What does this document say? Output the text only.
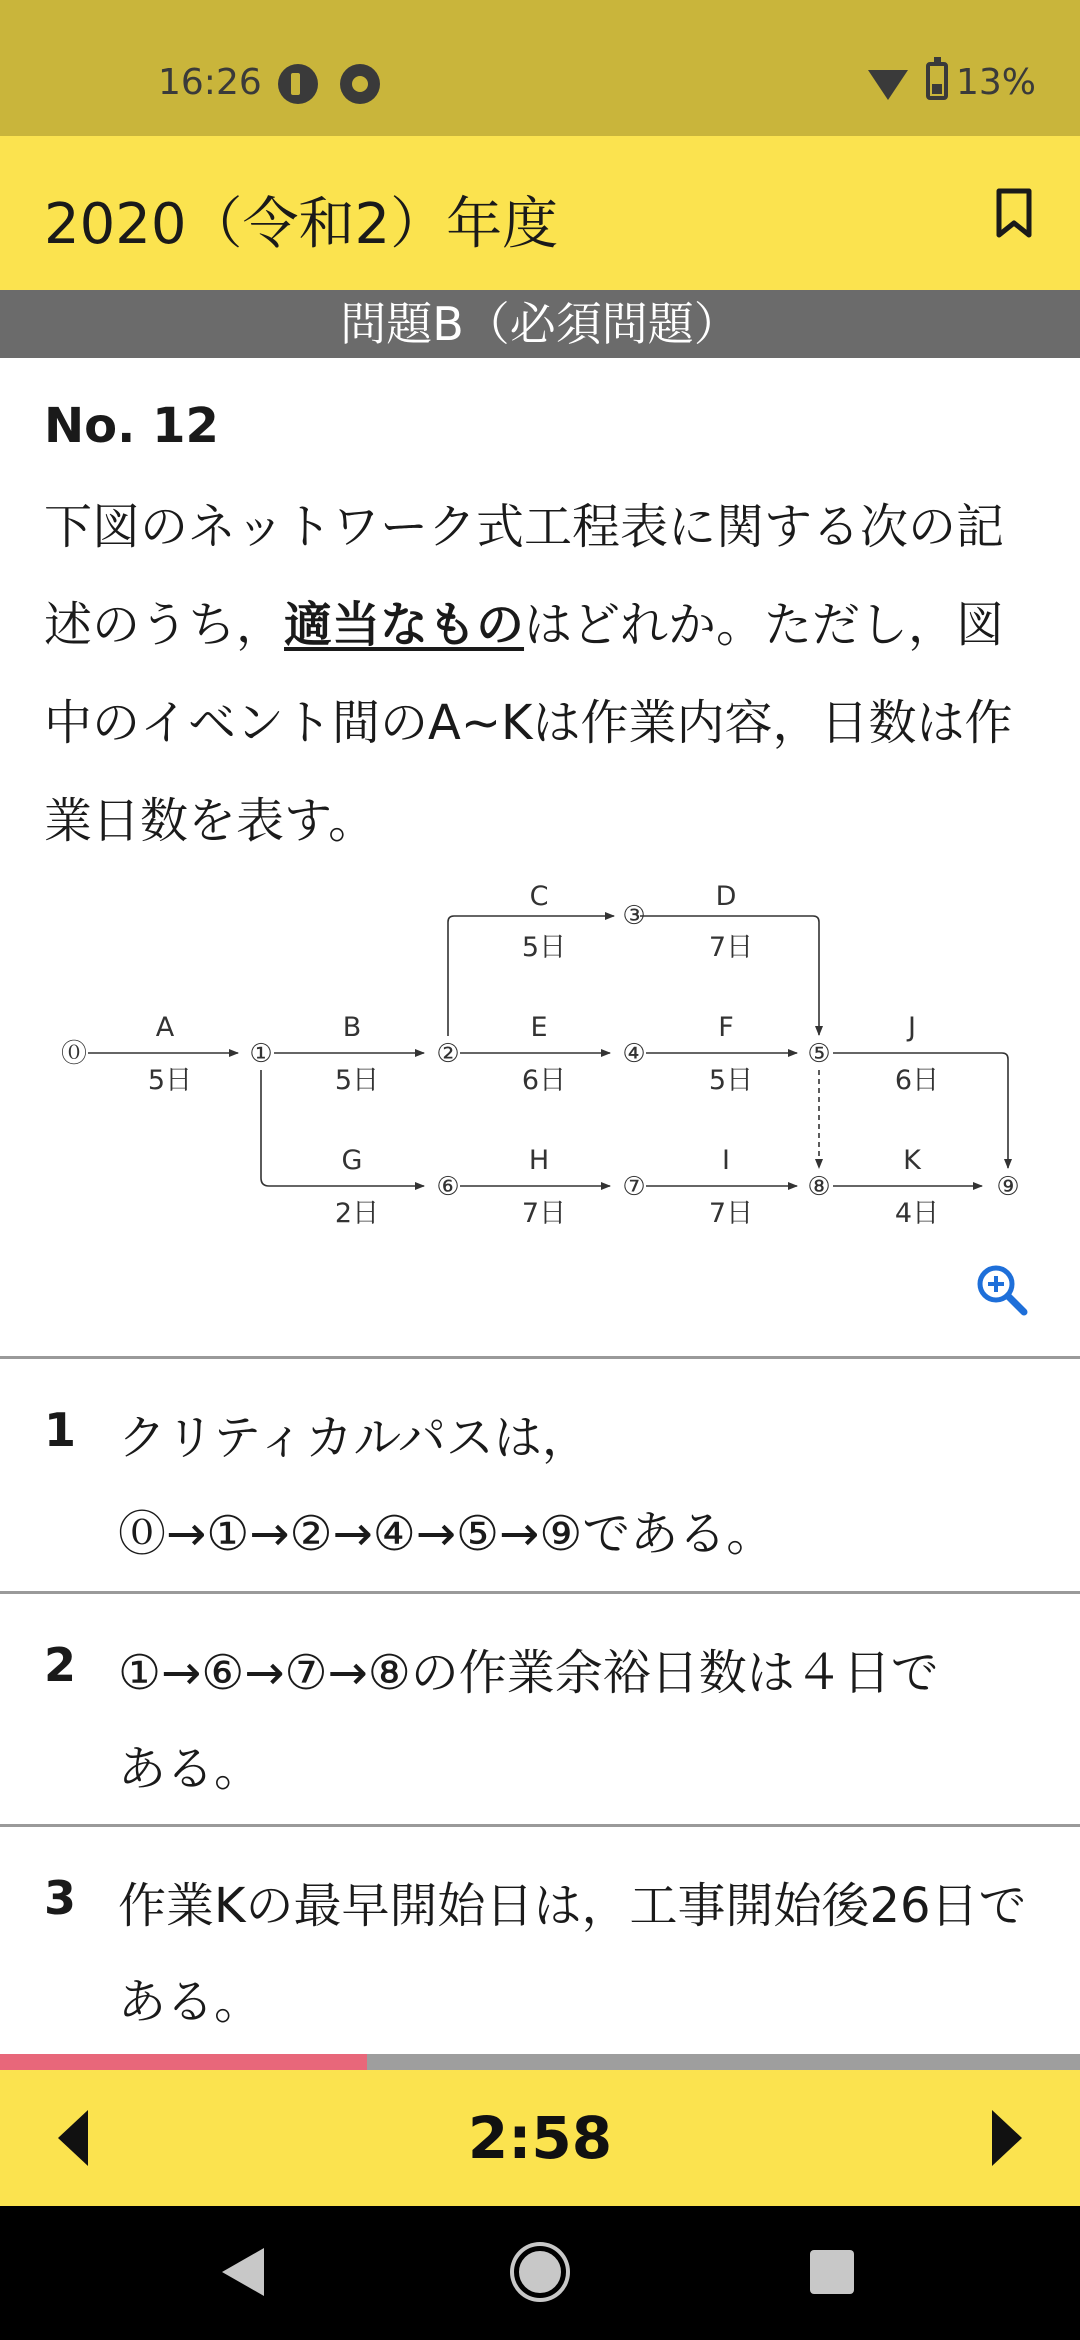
16:26	13%
2020（令和2）年度
問題B（必須問題）
No. 12
下図のネットワーク式工程表に関する次の記述のうち，適当なものはどれか。ただし，図中のイベント間のA~Kは作業内容，日数は作業日数を表す。
⓪	①	②
③
④	⑤
⑥	⑦	⑧	⑨
A
5日
B
5日
C
5日
D
7日
E
6日
F
5日
J
6日
G
2日
H
7日
I
7日
K
4日
1 クリティカルパスは，
⓪→①→②→④→⑤→⑨である。
2 ①→⑥→⑦→⑧の作業余裕日数は４日で
ある。
3 作業Kの最早開始日は，工事開始後26日で
ある。
2:58
